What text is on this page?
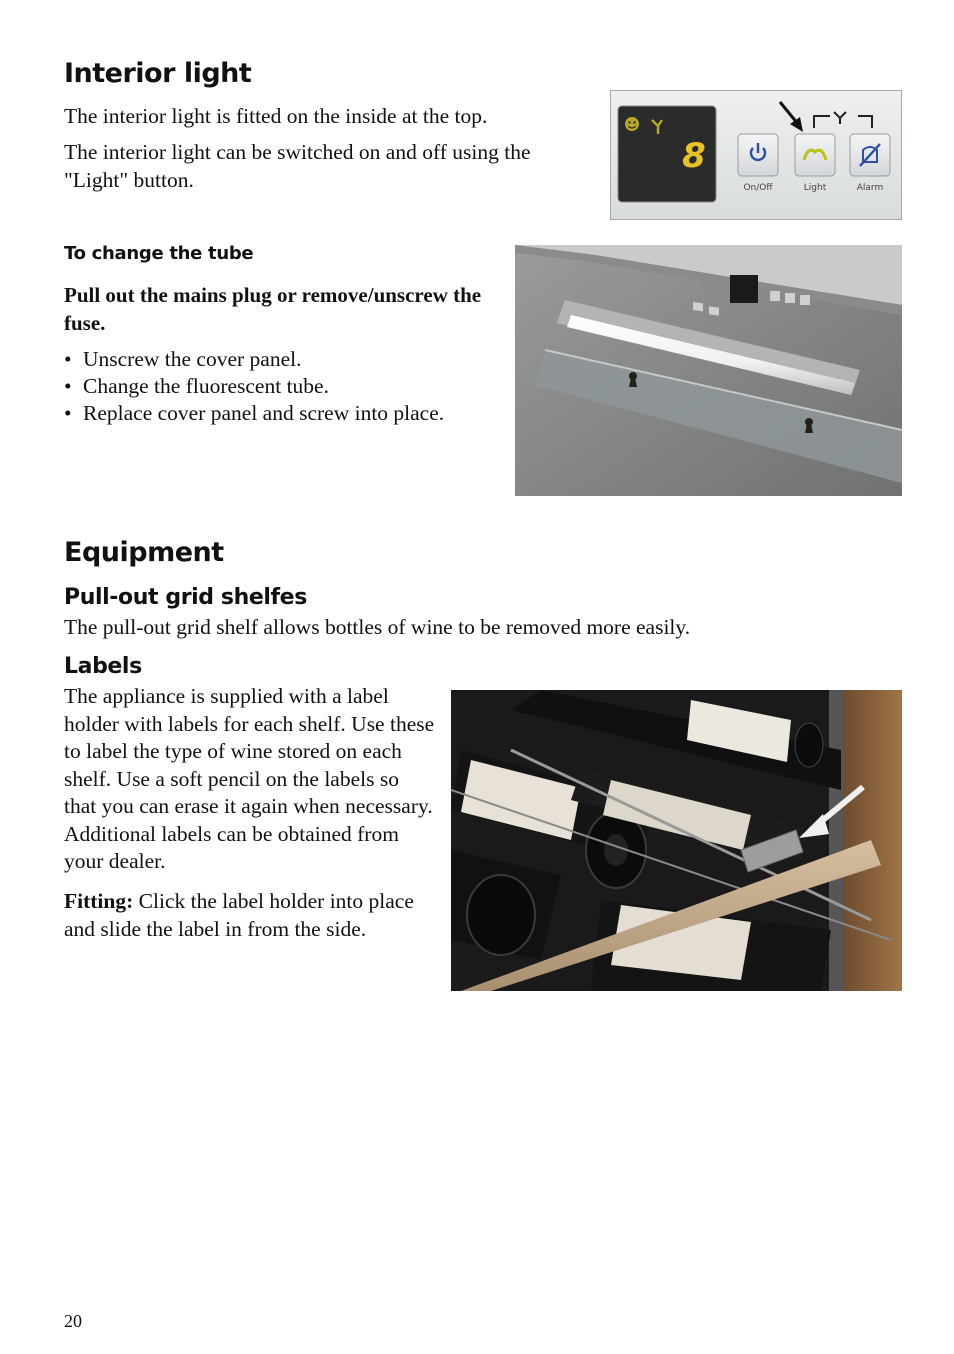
Interior light

The interior light is fitted on the inside at the top.

The interior light can be switched on and off using the "Light" button.

8
On/Off	Light	Alarm
To change the tube

Pull out the mains plug or remove/unscrew the fuse.

• Unscrew the cover panel.
• Change the fluorescent tube.
• Replace cover panel and screw into place.
Equipment
Pull-out grid shelfes

The pull-out grid shelf allows bottles of wine to be removed more easily.

Labels

The appliance is supplied with a label holder with labels for each shelf. Use these to label the type of wine stored on each shelf. Use a soft pencil on the labels so that you can erase it again when necessary. Additional labels can be obtained from your dealer.

Fitting: Click the label holder into place and slide the label in from the side.

20
